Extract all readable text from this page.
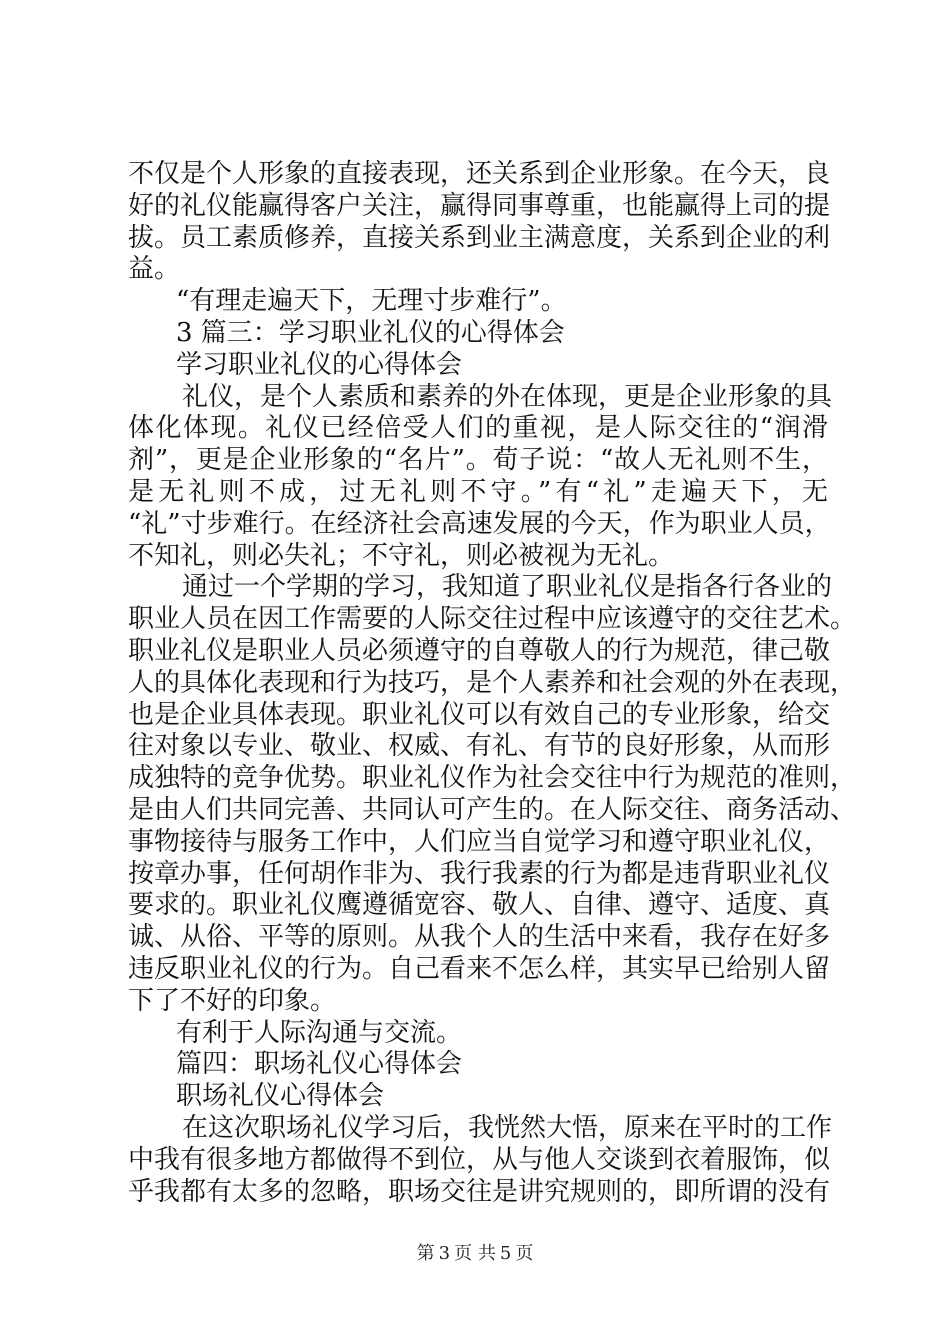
不仅是个人形象的直接表现，还关系到企业形象。在今天，良
好的礼仪能赢得客户关注，赢得同事尊重，也能赢得上司的提
拔。员工素质修养，直接关系到业主满意度，关系到企业的利
益。
“有理走遍天下，无理寸步难行”。
3 篇三：学习职业礼仪的心得体会
学习职业礼仪的心得体会
礼仪，是个人素质和素养的外在体现，更是企业形象的具
体化体现。礼仪已经倍受人们的重视，是人际交往的“润滑
剂”，更是企业形象的“名片”。荀子说：“故人无礼则不生，
是无礼则不成，过无礼则不守。”有“礼”走遍天下，无
“礼”寸步难行。在经济社会高速发展的今天，作为职业人员，
不知礼，则必失礼；不守礼，则必被视为无礼。
通过一个学期的学习，我知道了职业礼仪是指各行各业的
职业人员在因工作需要的人际交往过程中应该遵守的交往艺术。
职业礼仪是职业人员必须遵守的自尊敬人的行为规范，律己敬
人的具体化表现和行为技巧，是个人素养和社会观的外在表现，
也是企业具体表现。职业礼仪可以有效自己的专业形象，给交
往对象以专业、敬业、权威、有礼、有节的良好形象，从而形
成独特的竞争优势。职业礼仪作为社会交往中行为规范的准则，
是由人们共同完善、共同认可产生的。在人际交往、商务活动、
事物接待与服务工作中，人们应当自觉学习和遵守职业礼仪，
按章办事，任何胡作非为、我行我素的行为都是违背职业礼仪
要求的。职业礼仪鹰遵循宽容、敬人、自律、遵守、适度、真
诚、从俗、平等的原则。从我个人的生活中来看，我存在好多
违反职业礼仪的行为。自己看来不怎么样，其实早已给别人留
下了不好的印象。
有利于人际沟通与交流。
篇四：职场礼仪心得体会
职场礼仪心得体会
在这次职场礼仪学习后，我恍然大悟，原来在平时的工作
中我有很多地方都做得不到位，从与他人交谈到衣着服饰，似
乎我都有太多的忽略，职场交往是讲究规则的，即所谓的没有
第 3 页 共 5 页
